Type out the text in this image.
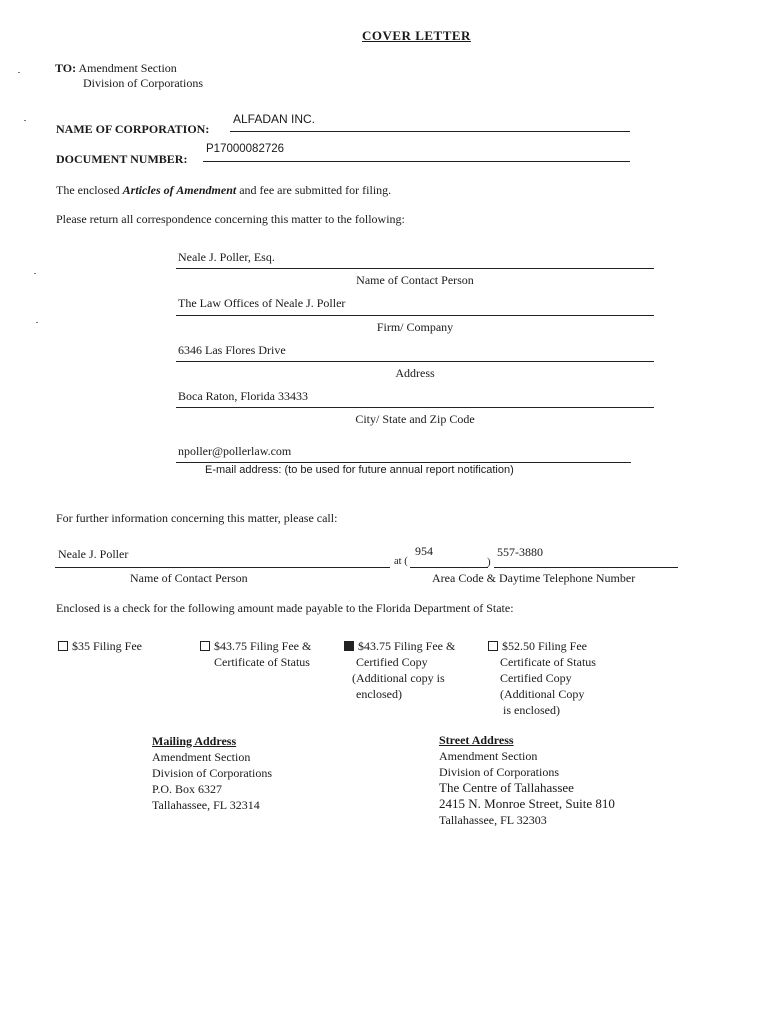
COVER LETTER
TO: Amendment Section
Division of Corporations
NAME OF CORPORATION:
ALFADAN INC.
DOCUMENT NUMBER:
P17000082726
The enclosed Articles of Amendment and fee are submitted for filing.
Please return all correspondence concerning this matter to the following:
Neale J. Poller, Esq.
Name of Contact Person
The Law Offices of Neale J. Poller
Firm/ Company
6346 Las Flores Drive
Address
Boca Raton, Florida 33433
City/ State and Zip Code
npoller@pollerlaw.com
E-mail address: (to be used for future annual report notification)
For further information concerning this matter, please call:
Neale J. Poller
Name of Contact Person
at (
954
)
557-3880
Area Code & Daytime Telephone Number
Enclosed is a check for the following amount made payable to the Florida Department of State:
$35 Filing Fee	$43.75 Filing Fee &
Certificate of Status
$43.75 Filing Fee &
Certified Copy
(Additional copy is
enclosed)
$52.50 Filing Fee
Certificate of Status
Certified Copy
(Additional Copy
is enclosed)
Mailing Address
Amendment Section
Division of Corporations
P.O. Box 6327
Tallahassee, FL 32314
Street Address
Amendment Section
Division of Corporations
The Centre of Tallahassee
2415 N. Monroe Street, Suite 810
Tallahassee, FL 32303
